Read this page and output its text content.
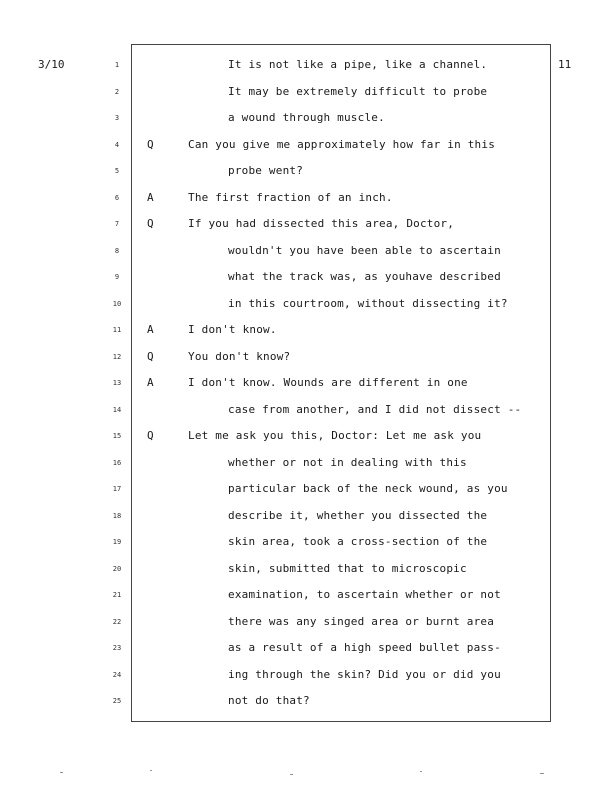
3/10	11
1	It is not like a pipe, like a channel.
2	It may be extremely difficult to probe
3	a wound through muscle.
4	Q	Can you give me approximately how far in this
5	probe went?
6	A	The first fraction of an inch.
7	Q	If you had dissected this area, Doctor,
8	wouldn't you have been able to ascertain
9	what the track was, as youhave described
10	in this courtroom, without dissecting it?
11	A	I don't know.
12	Q	You don't know?
13	A	I don't know. Wounds are different in one
14	case from another, and I did not dissect --
15	Q	Let me ask you this, Doctor: Let me ask you
16	whether or not in dealing with this
17	particular back of the neck wound, as you
18	describe it, whether you dissected the
19	skin area, took a cross-section of the
20	skin, submitted that to microscopic
21	examination, to ascertain whether or not
22	there was any singed area or burnt area
23	as a result of a high speed bullet pass-
24	ing through the skin? Did you or did you
25	not do that?
